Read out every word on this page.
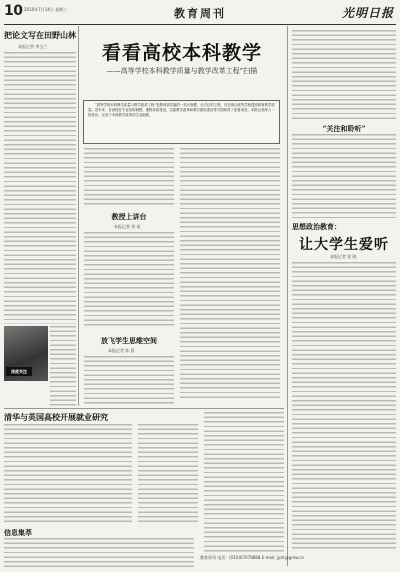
10 2010年7月14日 星期三	教育周刊	光明日报
看看高校本科教学
——高等学校本科教学质量与教学改革工程”扫描

“高等学校本科教学质量与教学改革工程”是教育部实施的一项大规模、全方位的工程，旨在推动高等学校提高教育教学质量。近年来，各高校在专业结构调整、课程体系建设、实践教学改革和教学团队建设等方面取得了显著成效。本报记者深入一线采访，记录下本科教学改革的生动画面。

把论文写在田野山林
本报记者 李玉兰
教授上讲台
本报记者 周 易
放飞学生思维空间
本报记者 陈 晨
深度关注
清华与英国高校开展就业研究
信息集萃
“关注和聆听”
思想政治教育：
让大学生爱听
本报记者 张 晓
教育周刊 电话：(010)67078888 E-mail: jyzk@gmw.cn
